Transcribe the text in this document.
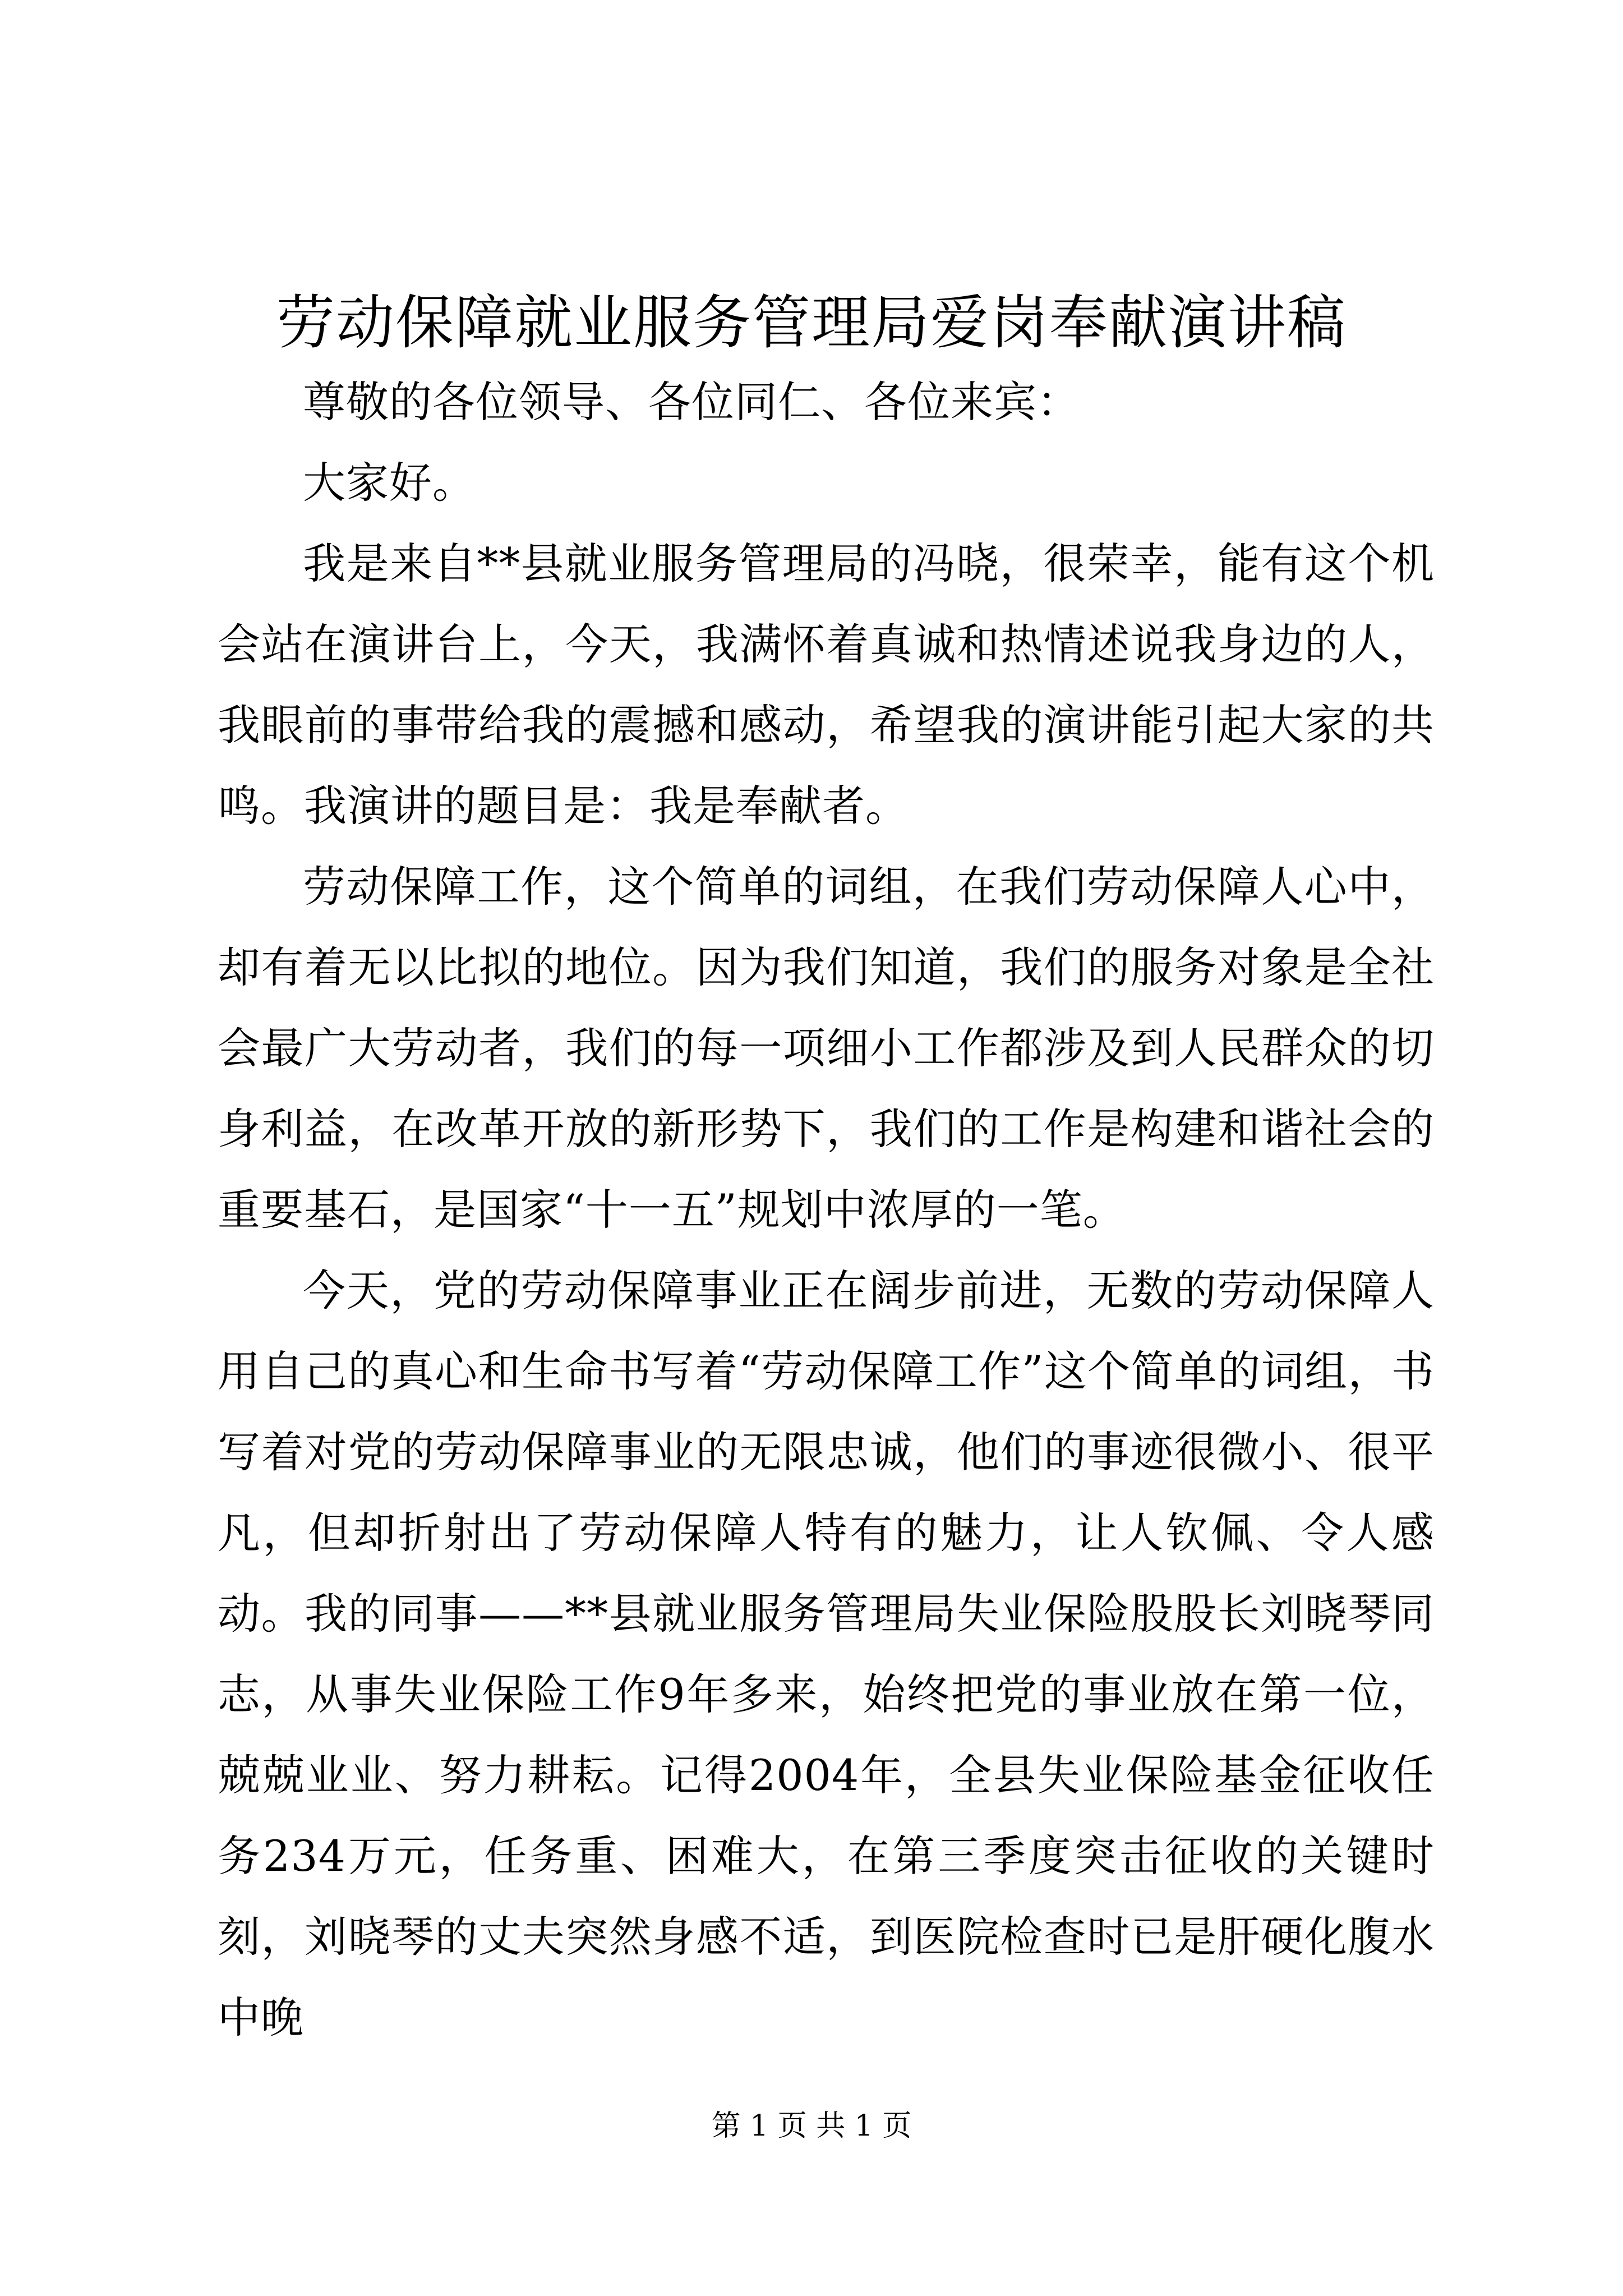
劳动保障就业服务管理局爱岗奉献演讲稿

尊敬的各位领导、各位同仁、各位来宾：

大家好。

我是来自**县就业服务管理局的冯晓，很荣幸，能有这个机会站在演讲台上，今天，我满怀着真诚和热情述说我身边的人，我眼前的事带给我的震撼和感动，希望我的演讲能引起大家的共鸣。我演讲的题目是：我是奉献者。

劳动保障工作，这个简单的词组，在我们劳动保障人心中，却有着无以比拟的地位。因为我们知道，我们的服务对象是全社会最广大劳动者，我们的每一项细小工作都涉及到人民群众的切身利益，在改革开放的新形势下，我们的工作是构建和谐社会的重要基石，是国家“十一五”规划中浓厚的一笔。

今天，党的劳动保障事业正在阔步前进，无数的劳动保障人用自己的真心和生命书写着“劳动保障工作”这个简单的词组，书写着对党的劳动保障事业的无限忠诚，他们的事迹很微小、很平凡，但却折射出了劳动保障人特有的魅力，让人钦佩、令人感动。我的同事——**县就业服务管理局失业保险股股长刘晓琴同志，从事失业保险工作9年多来，始终把党的事业放在第一位，兢兢业业、努力耕耘。记得2004年，全县失业保险基金征收任务234万元，任务重、困难大，在第三季度突击征收的关键时刻，刘晓琴的丈夫突然身感不适，到医院检查时已是肝硬化腹水中晚

第 1 页 共 1 页
